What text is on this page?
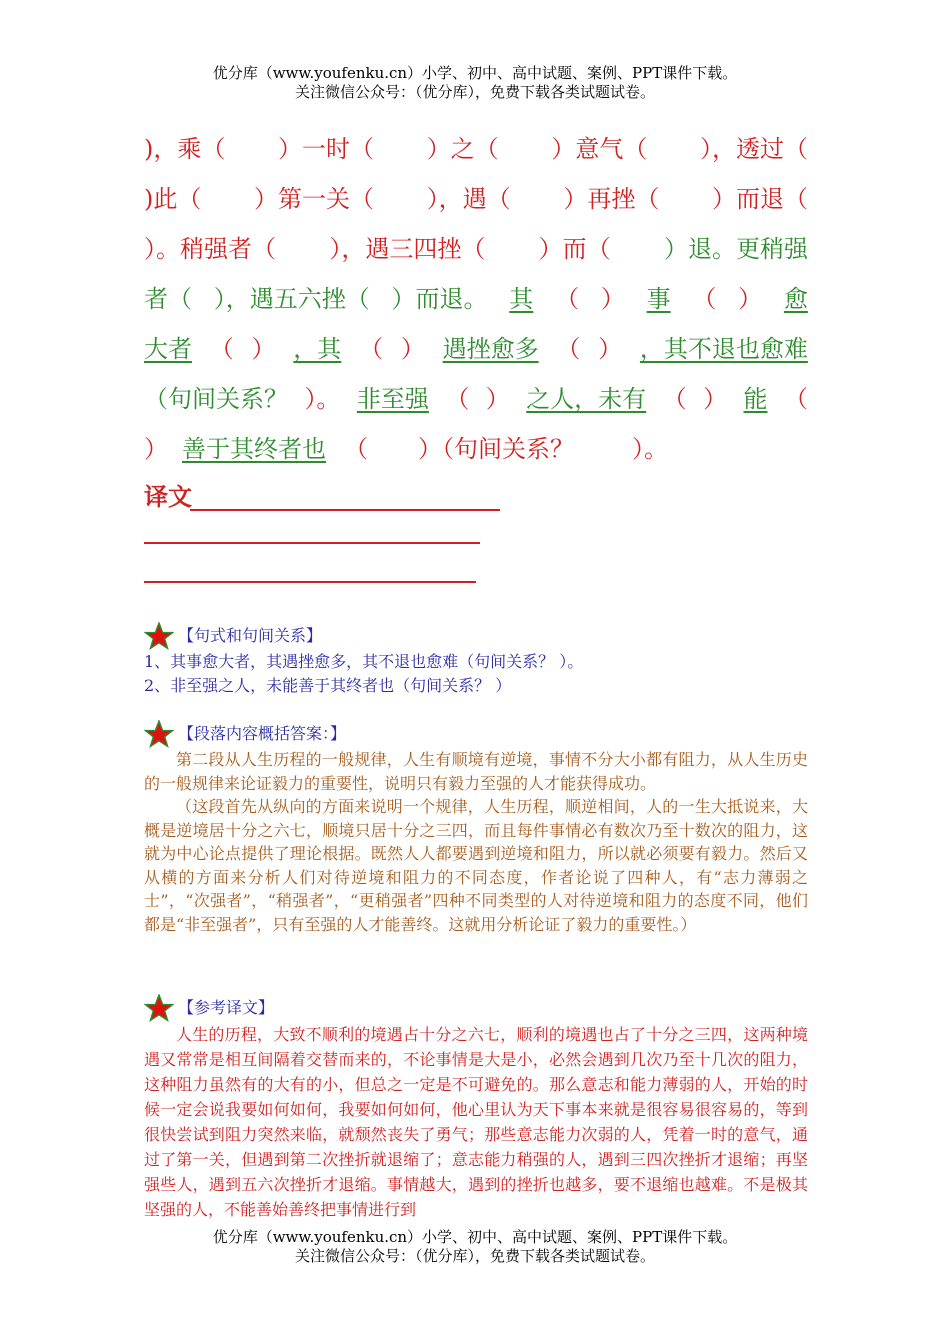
优分库（www.youfenku.cn）小学、初中、高中试题、案例、PPT课件下载。
关注微信公众号：（优分库），免费下载各类试题试卷。
)，乘（ ）一时（ ）之（ ）意气（ ），透过（
)此（ ）第一关（ ），遇（ ）再挫（ ）而退（
）。稍强者（ ），遇三四挫（ ）而（ ）退。更稍强
者（ ），遇五六挫（ ）而退。 其 （ ） 事 （ ） 愈
大者 （ ） ，其 （ ） 遇挫愈多 （ ） ，其不退也愈难
（句间关系？ ）。 非至强 （ ） 之人，未有 （ ） 能 （
） 善于其终者也 （ ）（句间关系？ ）。
译文
【句式和句间关系】
1、其事愈大者，其遇挫愈多，其不退也愈难（句间关系？ ）。
2、非至强之人，未能善于其终者也（句间关系？ ）
【段落内容概括答案：】
第二段从人生历程的一般规律，人生有顺境有逆境，事情不分大小都有阻力，从人生历史的一般规律来论证毅力的重要性，说明只有毅力至强的人才能获得成功。
（这段首先从纵向的方面来说明一个规律，人生历程，顺逆相间，人的一生大抵说来，大概是逆境居十分之六七，顺境只居十分之三四，而且每件事情必有数次乃至十数次的阻力，这就为中心论点提供了理论根据。既然人人都要遇到逆境和阻力，所以就必须要有毅力。然后又从横的方面来分析人们对待逆境和阻力的不同态度，作者论说了四种人，有“志力薄弱之士”，“次强者”，“稍强者”，“更稍强者”四种不同类型的人对待逆境和阻力的态度不同，他们都是“非至强者”，只有至强的人才能善终。这就用分析论证了毅力的重要性。）
【参考译文】
人生的历程，大致不顺利的境遇占十分之六七，顺利的境遇也占了十分之三四，这两种境遇又常常是相互间隔着交替而来的，不论事情是大是小，必然会遇到几次乃至十几次的阻力，这种阻力虽然有的大有的小，但总之一定是不可避免的。那么意志和能力薄弱的人，开始的时候一定会说我要如何如何，我要如何如何，他心里认为天下事本来就是很容易很容易的，等到很快尝试到阻力突然来临，就颓然丧失了勇气；那些意志能力次弱的人，凭着一时的意气，通过了第一关，但遇到第二次挫折就退缩了；意志能力稍强的人，遇到三四次挫折才退缩；再坚强些人，遇到五六次挫折才退缩。事情越大，遇到的挫折也越多，要不退缩也越难。不是极其坚强的人，不能善始善终把事情进行到
优分库（www.youfenku.cn）小学、初中、高中试题、案例、PPT课件下载。
关注微信公众号：（优分库），免费下载各类试题试卷。
